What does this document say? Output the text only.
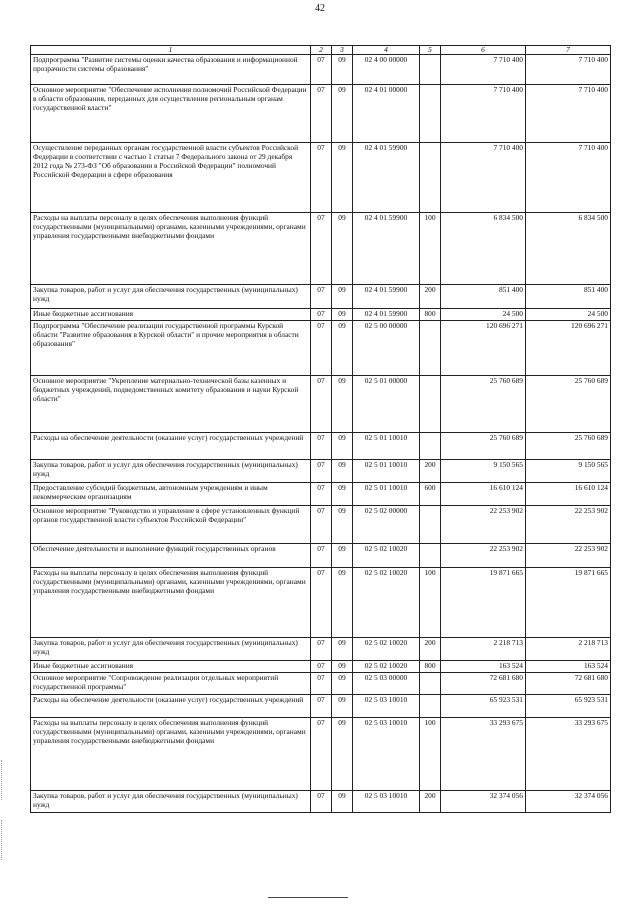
42
1	2	3	4	5	6	7
Подпрограмма "Развитие системы оценки качества образования и информационной прозрачности системы образования"	07	09	02 4 00 00000		7 710 400	7 710 400
Основное мероприятие "Обеспечение исполнения полномочий Российской Федерации в области образования, переданных для осуществления региональным органам государственной власти"	07	09	02 4 01 00000		7 710 400	7 710 400
Осуществление переданных органам государственной власти субъектов Российской Федерации в соответствии с частью 1 статьи 7 Федерального закона от 29 декабря 2012 года № 273-ФЗ "Об образовании в Российской Федерации" полномочий Российской Федерации в сфере образования	07	09	02 4 01 59900		7 710 400	7 710 400
Расходы на выплаты персоналу в целях обеспечения выполнения функций государственными (муниципальными) органами, казенными учреждениями, органами управления государственными внебюджетными фондами	07	09	02 4 01 59900	100	6 834 500	6 834 500
Закупка товаров, работ и услуг для обеспечения государственных (муниципальных) нужд	07	09	02 4 01 59900	200	851 400	851 400
Иные бюджетные ассигнования	07	09	02 4 01 59900	800	24 500	24 500
Подпрограмма "Обеспечение реализации государственной программы Курской области "Развитие образования в Курской области" и прочие мероприятия в области образования"	07	09	02 5 00 00000		120 696 271	120 696 271
Основное мероприятие "Укрепление материально-технической базы казенных и бюджетных учреждений, подведомственных комитету образования и науки Курской области"	07	09	02 5 01 00000		25 760 689	25 760 689
Расходы на обеспечение деятельности (оказание услуг) государственных учреждений	07	09	02 5 01 10010		25 760 689	25 760 689
Закупка товаров, работ и услуг для обеспечения государственных (муниципальных) нужд	07	09	02 5 01 10010	200	9 150 565	9 150 565
Предоставление субсидий бюджетным, автономным учреждениям и иным некоммерческим организациям	07	09	02 5 01 10010	600	16 610 124	16 610 124
Основное мероприятие "Руководство и управление в сфере установленных функций органов государственной власти субъектов Российской Федерации"	07	09	02 5 02 00000		22 253 902	22 253 902
Обеспечение деятельности и выполнение функций государственных органов	07	09	02 5 02 10020		22 253 902	22 253 902
Расходы на выплаты персоналу в целях обеспечения выполнения функций государственными (муниципальными) органами, казенными учреждениями, органами управления государственными внебюджетными фондами	07	09	02 5 02 10020	100	19 871 665	19 871 665
Закупка товаров, работ и услуг для обеспечения государственных (муниципальных) нужд	07	09	02 5 02 10020	200	2 218 713	2 218 713
Иные бюджетные ассигнования	07	09	02 5 02 10020	800	163 524	163 524
Основное мероприятие "Сопровождение реализации отдельных мероприятий государственной программы"	07	09	02 5 03 00000		72 681 680	72 681 680
Расходы на обеспечение деятельности (оказание услуг) государственных учреждений	07	09	02 5 03 10010		65 923 531	65 923 531
Расходы на выплаты персоналу в целях обеспечения выполнения функций государственными (муниципальными) органами, казенными учреждениями, органами управления государственными внебюджетными фондами	07	09	02 5 03 10010	100	33 293 675	33 293 675
Закупка товаров, работ и услуг для обеспечения государственных (муниципальных) нужд	07	09	02 5 03 10010	200	32 374 056	32 374 056
